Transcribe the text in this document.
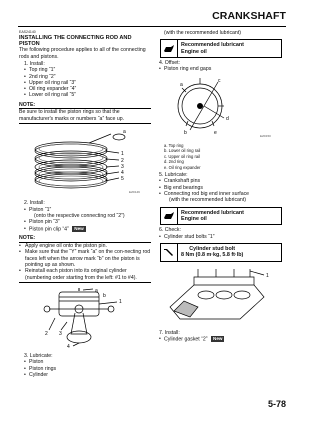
CRANKSHAFT
EAS24140
INSTALLING THE CONNECTING ROD AND PISTON

The following procedure applies to all of the connecting rods and pistons.

1. Install:
• Top ring “1”
• 2nd ring “2”
• Upper oil ring rail “3”
• Oil ring expander “4”
• Lower oil ring rail “5”
NOTE:

Be sure to install the piston rings so that the manufacturer's marks or numbers “a” face up.

a
1
2
3
4
5
E2D149
2. Install:
• Piston “1”
(onto the respective connecting rod “2”)
• Piston pin “3”
• Piston pin clip “4” New
NOTE:
• Apply engine oil onto the piston pin.
• Make sure that the “Y” mark “a” on the con-necting rod faces left when the arrow mark “b” on the piston is pointing up as shown.
• Reinstall each piston into its original cylinder (numbering order starting from the left: #1 to #4).
a
b
1
2 3
4
3. Lubricate:
• Piston
• Piston rings
• Cylinder
(with the recommended lubricant)
Recommended lubricant
Engine oil
4. Offset:
• Piston ring end gaps
a
b
c
d
e	E2D150
a. Top ring
b. Lower oil ring rail
c. Upper oil ring rail
d. 2nd ring
e. Oil ring expander
5. Lubricate:
• Crankshaft pins
• Big end bearings
• Connecting rod big end inner surface
(with the recommended lubricant)
Recommended lubricant
Engine oil
6. Check:
• Cylinder stud bolts “1”
Cylinder stud bolt
8 Nm (0.8 m·kg, 5.8 ft·lb)
1
7. Install:
• Cylinder gasket “2” New
5-78
